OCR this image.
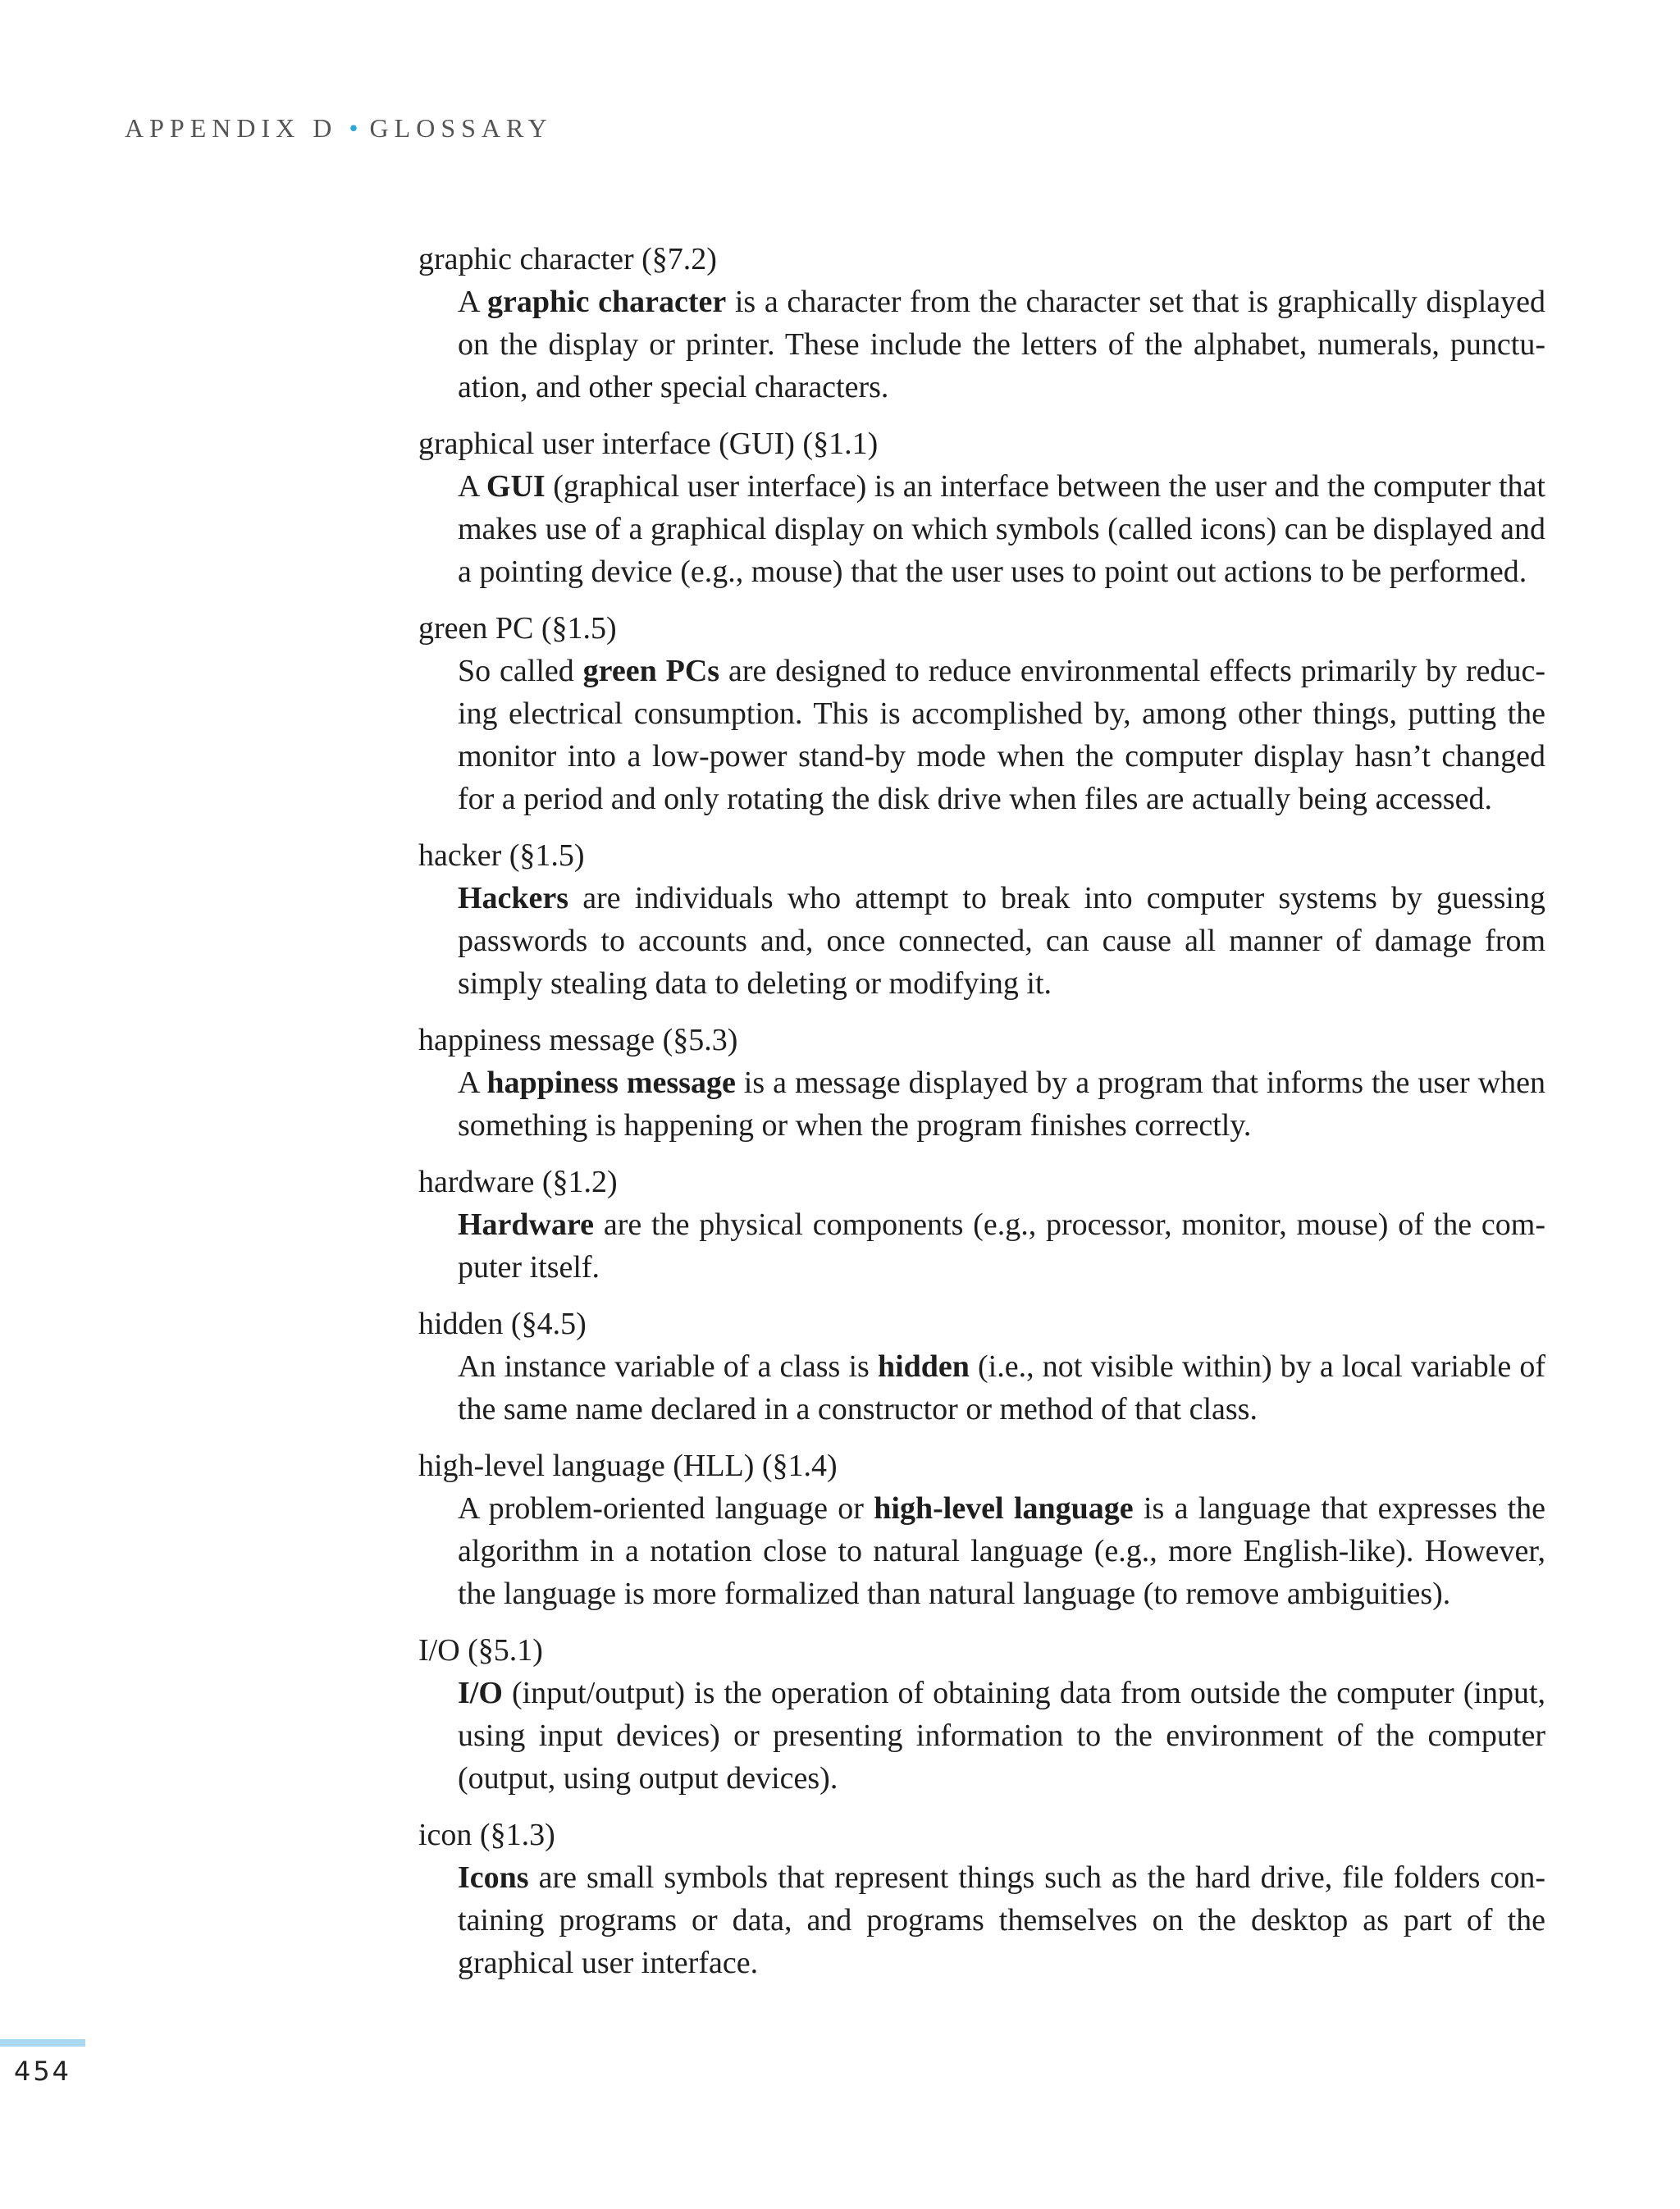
APPENDIX D • GLOSSARY
graphic character (§7.2)
A graphic character is a character from the character set that is graphically displayed on the display or printer. These include the letters of the alphabet, numerals, punctuation, and other special characters.
graphical user interface (GUI) (§1.1)
A GUI (graphical user interface) is an interface between the user and the computer that makes use of a graphical display on which symbols (called icons) can be displayed and a pointing device (e.g., mouse) that the user uses to point out actions to be performed.
green PC (§1.5)
So called green PCs are designed to reduce environmental effects primarily by reducing electrical consumption. This is accomplished by, among other things, putting the monitor into a low-power stand-by mode when the computer display hasn’t changed for a period and only rotating the disk drive when files are actually being accessed.
hacker (§1.5)
Hackers are individuals who attempt to break into computer systems by guessing passwords to accounts and, once connected, can cause all manner of damage from simply stealing data to deleting or modifying it.
happiness message (§5.3)
A happiness message is a message displayed by a program that informs the user when something is happening or when the program finishes correctly.
hardware (§1.2)
Hardware are the physical components (e.g., processor, monitor, mouse) of the computer itself.
hidden (§4.5)
An instance variable of a class is hidden (i.e., not visible within) by a local variable of the same name declared in a constructor or method of that class.
high-level language (HLL) (§1.4)
A problem-oriented language or high-level language is a language that expresses the algorithm in a notation close to natural language (e.g., more English-like). However, the language is more formalized than natural language (to remove ambiguities).
I/O (§5.1)
I/O (input/output) is the operation of obtaining data from outside the computer (input, using input devices) or presenting information to the environment of the computer (output, using output devices).
icon (§1.3)
Icons are small symbols that represent things such as the hard drive, file folders containing programs or data, and programs themselves on the desktop as part of the graphical user interface.
454
